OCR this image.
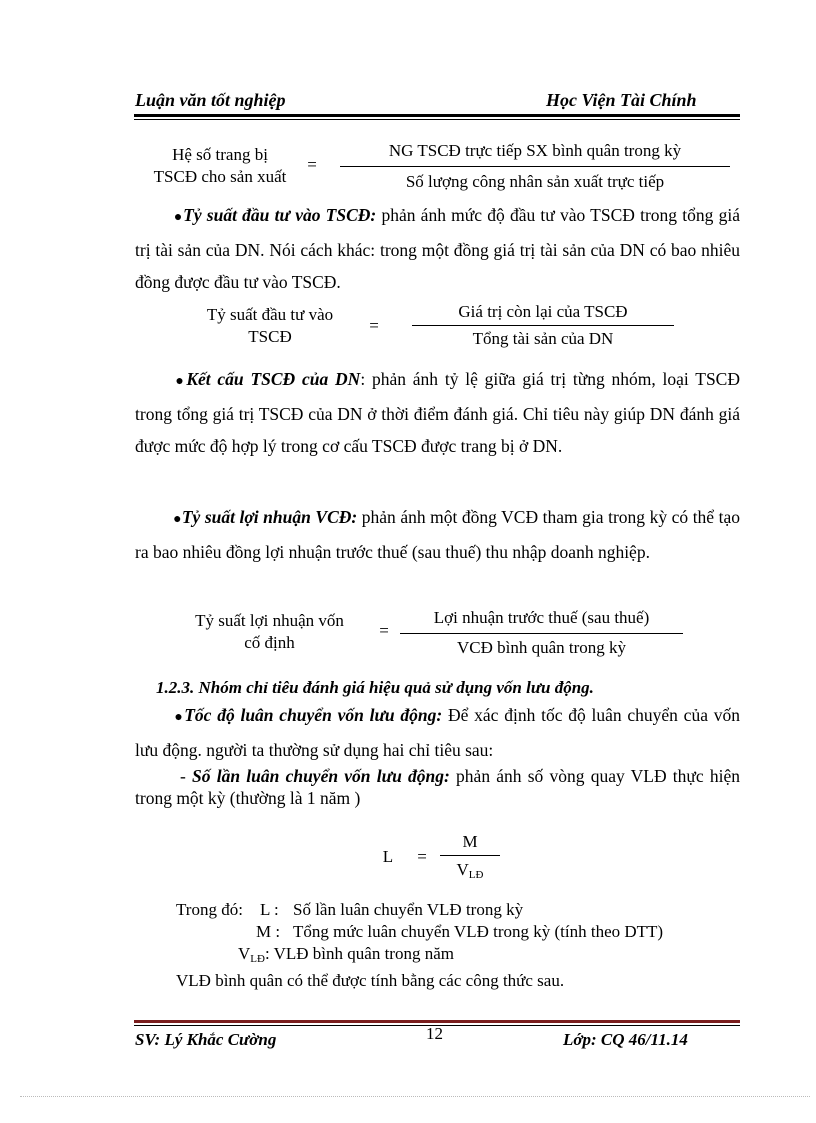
Luận văn tốt nghiệp	Học Viện Tài Chính
Hệ số trang bị
TSCĐ cho sản xuất
=
NG TSCĐ trực tiếp SX bình quân trong kỳ
Số lượng công nhân sản xuất trực tiếp
●Tỷ suất đầu tư vào TSCĐ: phản ánh mức độ đầu tư vào TSCĐ trong tổng giá trị tài sản của DN. Nói cách khác: trong một đồng giá trị tài sản của DN có bao nhiêu đồng được đầu tư vào TSCĐ.
Tỷ suất đầu tư vào
TSCĐ
=
Giá trị còn lại của TSCĐ
Tổng tài sản của DN
●Kết cấu TSCĐ của DN: phản ánh tỷ lệ giữa giá trị từng nhóm, loại TSCĐ trong tổng giá trị TSCĐ của DN ở thời điểm đánh giá. Chỉ tiêu này giúp DN đánh giá được mức độ hợp lý trong cơ cấu TSCĐ được trang bị ở DN.
●Tỷ suất lợi nhuận VCĐ: phản ánh một đồng VCĐ tham gia trong kỳ có thể tạo ra bao nhiêu đồng lợi nhuận trước thuế (sau thuế) thu nhập doanh nghiệp.
Tỷ suất lợi nhuận vốn
cố định
=
Lợi nhuận trước thuế (sau thuế)
VCĐ bình quân trong kỳ
1.2.3. Nhóm chỉ tiêu đánh giá hiệu quả sử dụng vốn lưu động.
●Tốc độ luân chuyển vốn lưu động: Để xác định tốc độ luân chuyển của vốn lưu động. người ta thường sử dụng hai chỉ tiêu sau:
- Số lần luân chuyển vốn lưu động: phản ánh số vòng quay VLĐ thực hiện trong một kỳ (thường là 1 năm )
L	=
M
$V_{LĐ}$
Trong đó: L : Số lần luân chuyển VLĐ trong kỳ
M : Tổng mức luân chuyển VLĐ trong kỳ (tính theo DTT)
$V_{LĐ}$: VLĐ bình quân trong năm
VLĐ bình quân có thể được tính bằng các công thức sau.
SV: Lý Khắc Cường	12	Lớp: CQ 46/11.14
